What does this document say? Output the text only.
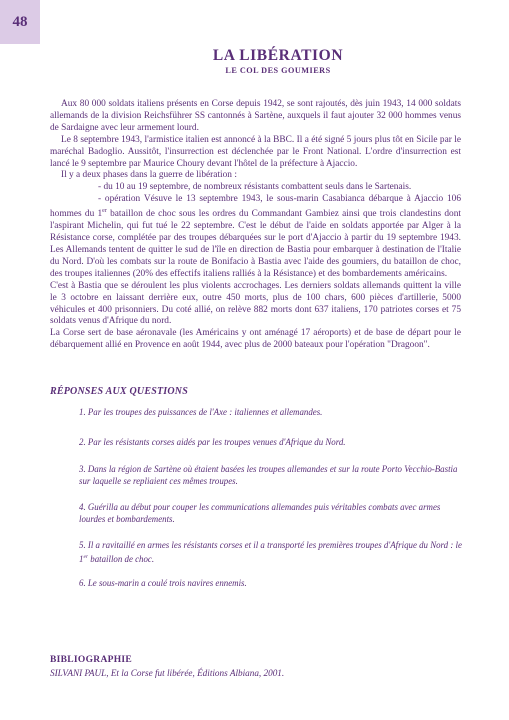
48
LA LIBÉRATION
LE COL DES GOUMIERS

Aux 80 000 soldats italiens présents en Corse depuis 1942, se sont rajoutés, dès juin 1943, 14 000 soldats allemands de la division Reichsführer SS cantonnés à Sartène, auxquels il faut ajouter 32 000 hommes venus de Sardaigne avec leur armement lourd.

Le 8 septembre 1943, l'armistice italien est annoncé à la BBC. Il a été signé 5 jours plus tôt en Sicile par le maréchal Badoglio. Aussitôt, l'insurrection est déclenchée par le Front National. L'ordre d'insurrection est lancé le 9 septembre par Maurice Choury devant l'hôtel de la préfecture à Ajaccio.

Il y a deux phases dans la guerre de libération :

- du 10 au 19 septembre, de nombreux résistants combattent seuls dans le Sartenais.

- opération Vésuve le 13 septembre 1943, le sous-marin Casabianca débarque à Ajaccio 106 hommes du 1er bataillon de choc sous les ordres du Commandant Gambiez ainsi que trois clandestins dont l'aspirant Michelin, qui fut tué le 22 septembre. C'est le début de l'aide en soldats apportée par Alger à la Résistance corse, complétée par des troupes débarquées sur le port d'Ajaccio à partir du 19 septembre 1943. Les Allemands tentent de quitter le sud de l'île en direction de Bastia pour embarquer à destination de l'Italie du Nord. D'où les combats sur la route de Bonifacio à Bastia avec l'aide des goumiers, du bataillon de choc, des troupes italiennes (20% des effectifs italiens ralliés à la Résistance) et des bombardements américains.

C'est à Bastia que se déroulent les plus violents accrochages. Les derniers soldats allemands quittent la ville le 3 octobre en laissant derrière eux, outre 450 morts, plus de 100 chars, 600 pièces d'artillerie, 5000 véhicules et 400 prisonniers. Du coté allié, on relève 882 morts dont 637 italiens, 170 patriotes corses et 75 soldats venus d'Afrique du nord.

La Corse sert de base aéronavale (les Américains y ont aménagé 17 aéroports) et de base de départ pour le débarquement allié en Provence en août 1944, avec plus de 2000 bateaux pour l'opération "Dragoon".

RÉPONSES AUX QUESTIONS

1. Par les troupes des puissances de l'Axe : italiennes et allemandes.

2. Par les résistants corses aidés par les troupes venues d'Afrique du Nord.

3. Dans la région de Sartène où étaient basées les troupes allemandes et sur la route Porto Vecchio-Bastia sur laquelle se repliaient ces mêmes troupes.

4. Guérilla au début pour couper les communications allemandes puis véritables combats avec armes lourdes et bombardements.

5. Il a ravitaillé en armes les résistants corses et il a transporté les premières troupes d'Afrique du Nord : le 1er bataillon de choc.

6. Le sous-marin a coulé trois navires ennemis.

BIBLIOGRAPHIE
SILVANI PAUL, Et la Corse fut libérée, Éditions Albiana, 2001.
